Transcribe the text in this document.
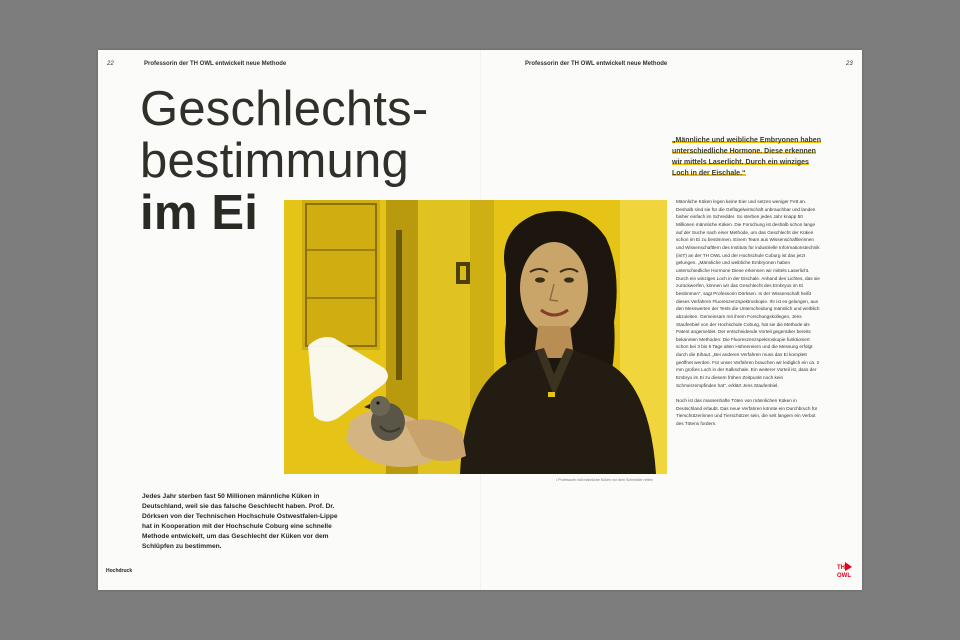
22	Professorin der TH OWL entwickelt neue Methode	Professorin der TH OWL entwickelt neue Methode	23
Geschlechts-
bestimmung
im Ei
• Professorin will männliche Küken vor dem Schredder retten

Jedes Jahr sterben fast 50 Millionen männliche Küken in Deutschland, weil sie das falsche Geschlecht haben. Prof. Dr. Dörksen von der Technischen Hochschule Ostwestfalen-Lippe hat in Kooperation mit der Hochschule Coburg eine schnelle Methode entwickelt, um das Geschlecht der Küken vor dem Schlüpfen zu bestimmen.

„Männliche und weibliche Embryonen haben unterschiedliche Hormone. Diese erkennen wir mittels Laserlicht. Durch ein winziges Loch in der Eischale.“

Männliche Küken legen keine Eier und setzen weniger Fett an. Deshalb sind sie für die Geflügelwirtschaft unbrauchbar und landen bisher einfach im Schredder. So sterben jedes Jahr knapp 50 Millionen männliche Küken. Die Forschung ist deshalb schon lange auf der Suche nach einer Methode, um das Geschlecht der Küken schon im Ei zu bestimmen. Einem Team aus Wissenschaftlerinnen und Wissenschaftlern des Instituts für industrielle Informationstechnik (inIT) an der TH OWL und der Hochschule Coburg ist das jetzt gelungen. „Männliche und weibliche Embryonen haben unterschiedliche Hormone Diese erkennen wir mittels Laserlicht. Durch ein winziges Loch in der Eischale. Anhand des Lichtes, das sie zurückwerfen, können wir das Geschlecht des Embryos im Ei bestimmen“, sagt Professorin Dörksen. In der Wissenschaft heißt dieses Verfahren Fluoreszenzspektroskopie. Ihr ist es gelungen, aus den Messwerten der Tests die Unterscheidung männlich und weiblich abzuleiten. Gemeinsam mit ihrem Forschungskollegen, Jens Staufenbiel von der Hochschule Coburg, hat sie die Methode als Patent angemeldet. Der entscheidende Vorteil gegenüber bereits bekannten Methoden: Die Fluoreszenzspektroskopie funktioniert schon bei 3 bis 6 Tage alten Hühnereiern und die Messung erfolgt durch die Eihaut. „Bei anderen Verfahren muss das Ei komplett geöffnet werden. Für unser Verfahren brauchen wir lediglich ein ca. 2 mm großes Loch in der Kalkschale. Ein weiterer Vorteil ist, dass der Embryo im Ei zu diesem frühen Zeitpunkt noch kein Schmerzempfinden hat“, erklärt Jens Staufenbiel.

Noch ist das massenhafte Töten von männlichen Küken in Deutschland erlaubt. Das neue Verfahren könnte ein Durchbruch für Tierschützerinnen und Tierschützer sein, die seit langem ein Verbot des Tötens fordern.

Hochdruck	TH
OWL
